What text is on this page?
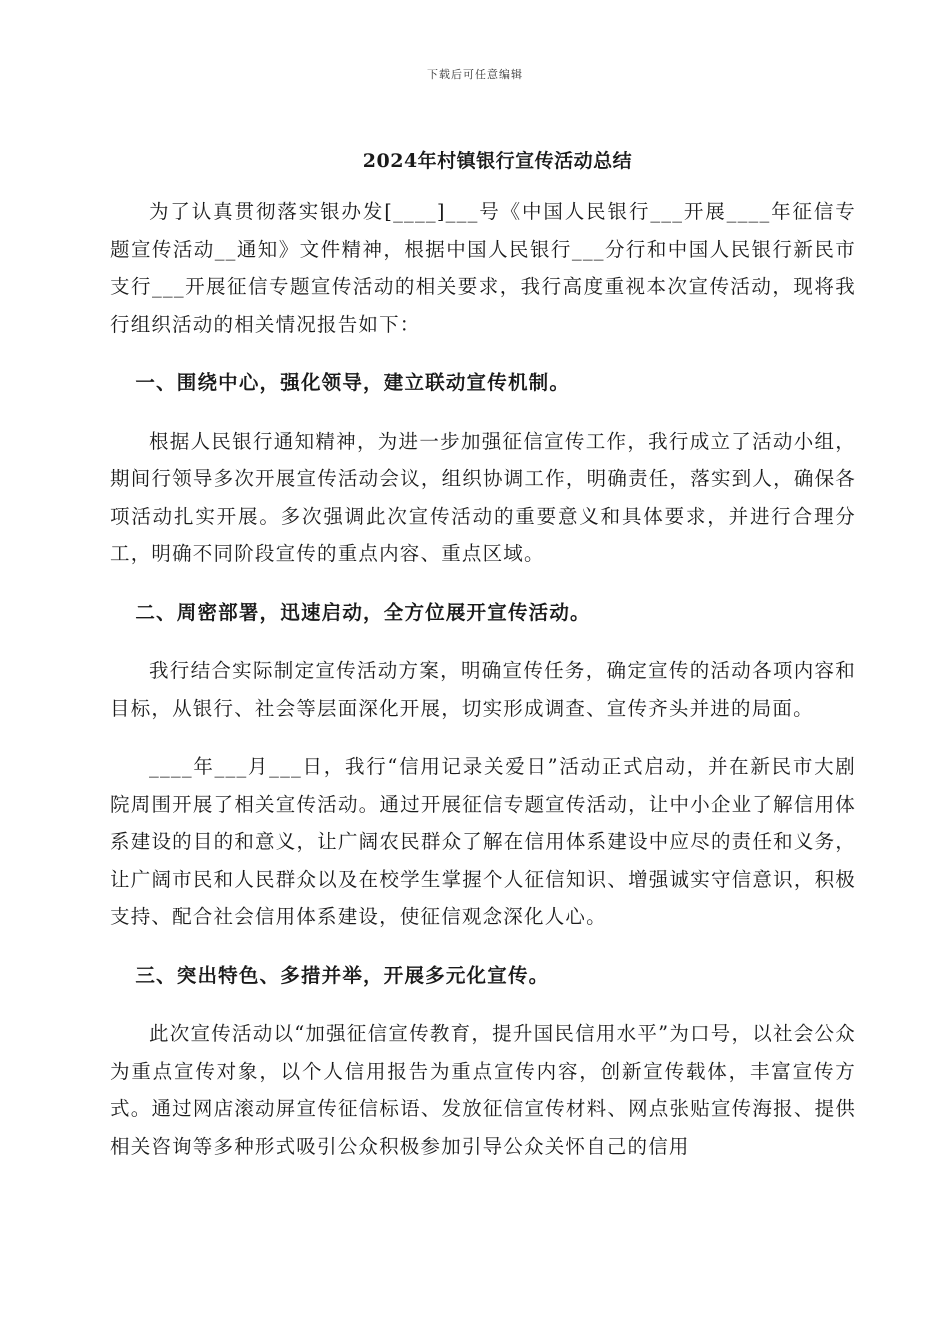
下载后可任意编辑
2024年村镇银行宣传活动总结

为了认真贯彻落实银办发[____]___号《中国人民银行___开展____年征信专题宣传活动__通知》文件精神，根据中国人民银行___分行和中国人民银行新民市支行___开展征信专题宣传活动的相关要求，我行高度重视本次宣传活动，现将我行组织活动的相关情况报告如下：

一、围绕中心，强化领导，建立联动宣传机制。

根据人民银行通知精神，为进一步加强征信宣传工作，我行成立了活动小组，期间行领导多次开展宣传活动会议，组织协调工作，明确责任，落实到人，确保各项活动扎实开展。多次强调此次宣传活动的重要意义和具体要求，并进行合理分工，明确不同阶段宣传的重点内容、重点区域。

二、周密部署，迅速启动，全方位展开宣传活动。

我行结合实际制定宣传活动方案，明确宣传任务，确定宣传的活动各项内容和目标，从银行、社会等层面深化开展，切实形成调查、宣传齐头并进的局面。

____年___月___日，我行“信用记录关爱日”活动正式启动，并在新民市大剧院周围开展了相关宣传活动。通过开展征信专题宣传活动，让中小企业了解信用体系建设的目的和意义，让广阔农民群众了解在信用体系建设中应尽的责任和义务，让广阔市民和人民群众以及在校学生掌握个人征信知识、增强诚实守信意识，积极支持、配合社会信用体系建设，使征信观念深化人心。

三、突出特色、多措并举，开展多元化宣传。

此次宣传活动以“加强征信宣传教育，提升国民信用水平”为口号，以社会公众为重点宣传对象，以个人信用报告为重点宣传内容，创新宣传载体，丰富宣传方式。通过网店滚动屏宣传征信标语、发放征信宣传材料、网点张贴宣传海报、提供相关咨询等多种形式吸引公众积极参加引导公众关怀自己的信用
